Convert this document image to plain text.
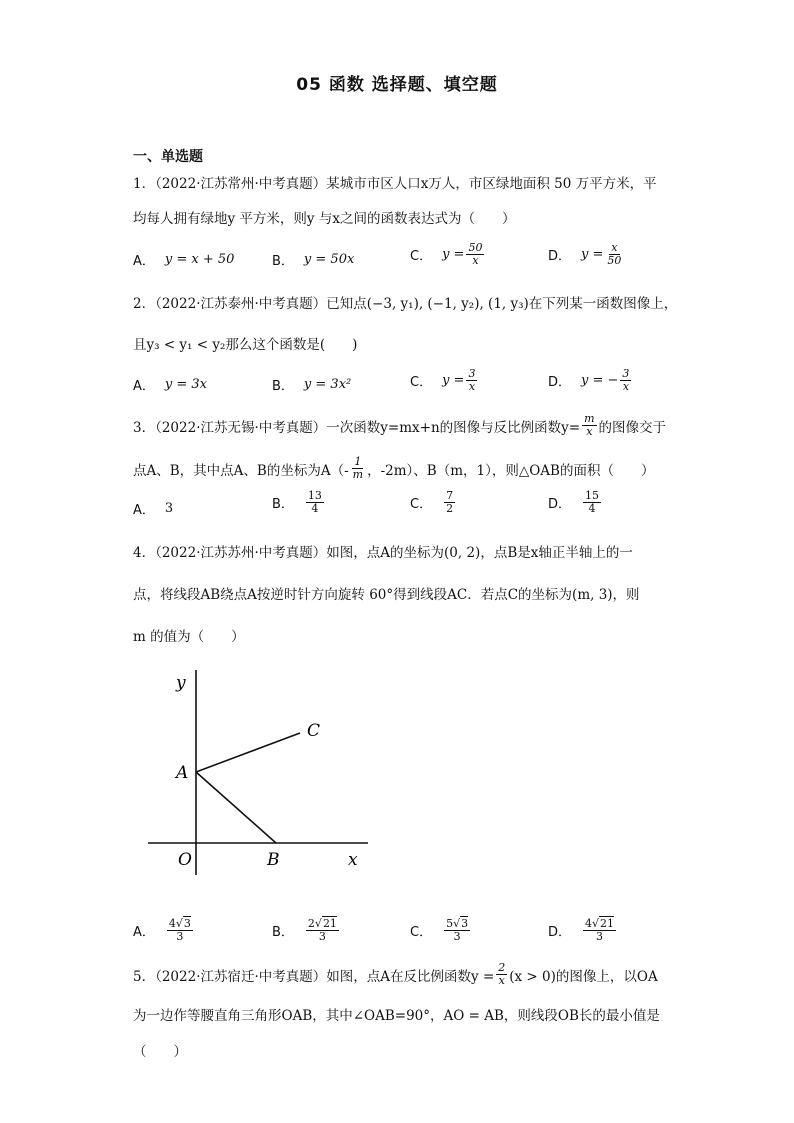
05 函数 选择题、填空题
一、单选题
1．（2022·江苏常州·中考真题）某城市市区人口x万人，市区绿地面积 50 万平方米，平
均每人拥有绿地y 平方米，则y 与x之间的函数表达式为（　　）
A． y = x + 50	B． y = 50x	C． $y = \frac{50}{x}$	D． $y = \frac{x}{50}$
2．（2022·江苏泰州·中考真题）已知点(−3, y₁), (−1, y₂), (1, y₃)在下列某一函数图像上，
且y₃ < y₁ < y₂那么这个函数是(　　)
A． y = 3x	B． y = 3x²	C． $y = \frac{3}{x}$	D． y = − $\frac{3}{x}$
3．（2022·江苏无锡·中考真题）一次函数y=mx+n的图像与反比例函数$y= \frac{m}{x}$ 的图像交于
点A、B，其中点A、B的坐标为$A(- \frac{1}{m}$ ，-2m）、B（m，1），则△OAB的面积（　　）
A． 3	B． $\frac{13}{4}$	C． $\frac{7}{2}$	D． $\frac{15}{4}$
4．（2022·江苏苏州·中考真题）如图，点A的坐标为(0, 2)，点B是x轴正半轴上的一
点，将线段AB绕点A按逆时针方向旋转 60°得到线段AC．若点C的坐标为(m, 3)，则
m 的值为（　　）
y
x
O
A
B
C
A． $\frac{4√3}{3}$	B． $\frac{2√21}{3}$	C． $\frac{5√3}{3}$	D． $\frac{4√21}{3}$
5．（2022·江苏宿迁·中考真题）如图，点A在反比例函数$y = \frac{2}{x} (x > 0)$的图像上，以OA
为一边作等腰直角三角形OAB，其中∠OAB=90°，AO = AB，则线段OB长的最小值是
（　　）
